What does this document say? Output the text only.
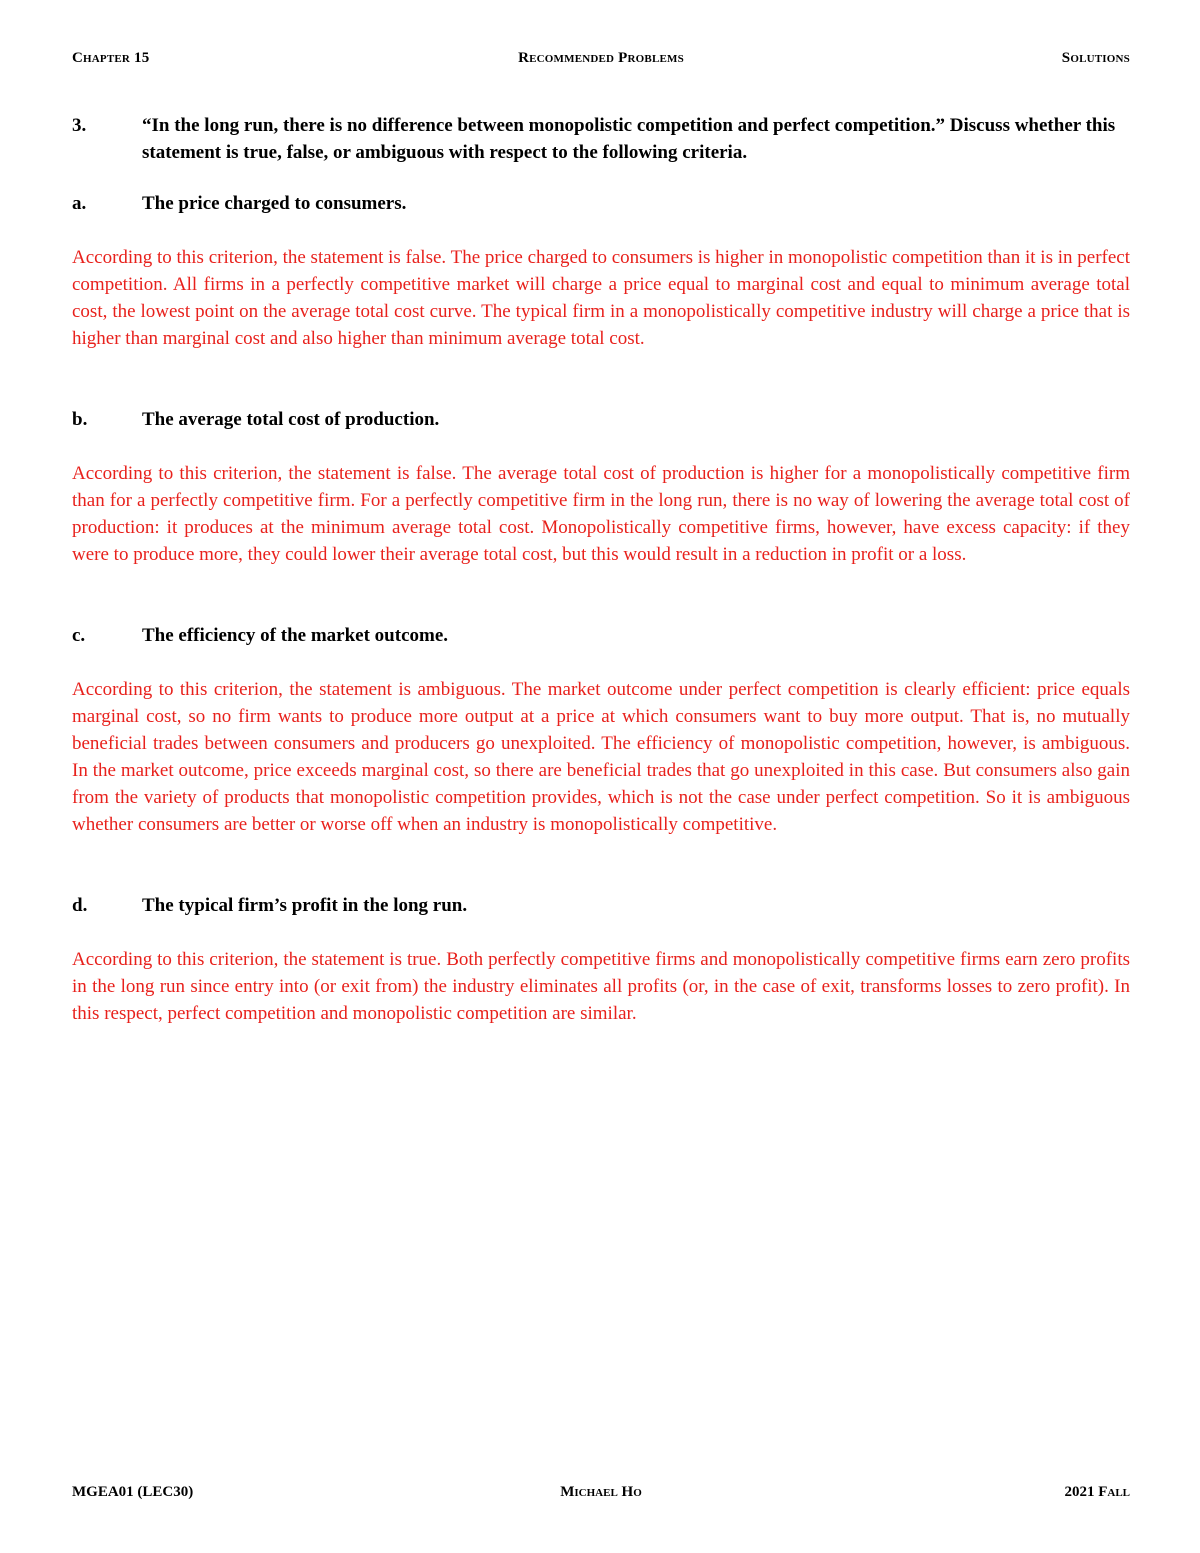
Chapter 15	Recommended Problems	Solutions
3.	“In the long run, there is no difference between monopolistic competition and perfect competition.” Discuss whether this statement is true, false, or ambiguous with respect to the following criteria.
a.	The price charged to consumers.
According to this criterion, the statement is false. The price charged to consumers is higher in monopolistic competition than it is in perfect competition. All firms in a perfectly competitive market will charge a price equal to marginal cost and equal to minimum average total cost, the lowest point on the average total cost curve. The typical firm in a monopolistically competitive industry will charge a price that is higher than marginal cost and also higher than minimum average total cost.
b.	The average total cost of production.
According to this criterion, the statement is false. The average total cost of production is higher for a monopolistically competitive firm than for a perfectly competitive firm. For a perfectly competitive firm in the long run, there is no way of lowering the average total cost of production: it produces at the minimum average total cost. Monopolistically competitive firms, however, have excess capacity: if they were to produce more, they could lower their average total cost, but this would result in a reduction in profit or a loss.
c.	The efficiency of the market outcome.
According to this criterion, the statement is ambiguous. The market outcome under perfect competition is clearly efficient: price equals marginal cost, so no firm wants to produce more output at a price at which consumers want to buy more output. That is, no mutually beneficial trades between consumers and producers go unexploited. The efficiency of monopolistic competition, however, is ambiguous. In the market outcome, price exceeds marginal cost, so there are beneficial trades that go unexploited in this case. But consumers also gain from the variety of products that monopolistic competition provides, which is not the case under perfect competition. So it is ambiguous whether consumers are better or worse off when an industry is monopolistically competitive.
d.	The typical firm’s profit in the long run.
According to this criterion, the statement is true. Both perfectly competitive firms and monopolistically competitive firms earn zero profits in the long run since entry into (or exit from) the industry eliminates all profits (or, in the case of exit, transforms losses to zero profit). In this respect, perfect competition and monopolistic competition are similar.
MGEA01 (LEC30)	Michael Ho	2021 Fall
